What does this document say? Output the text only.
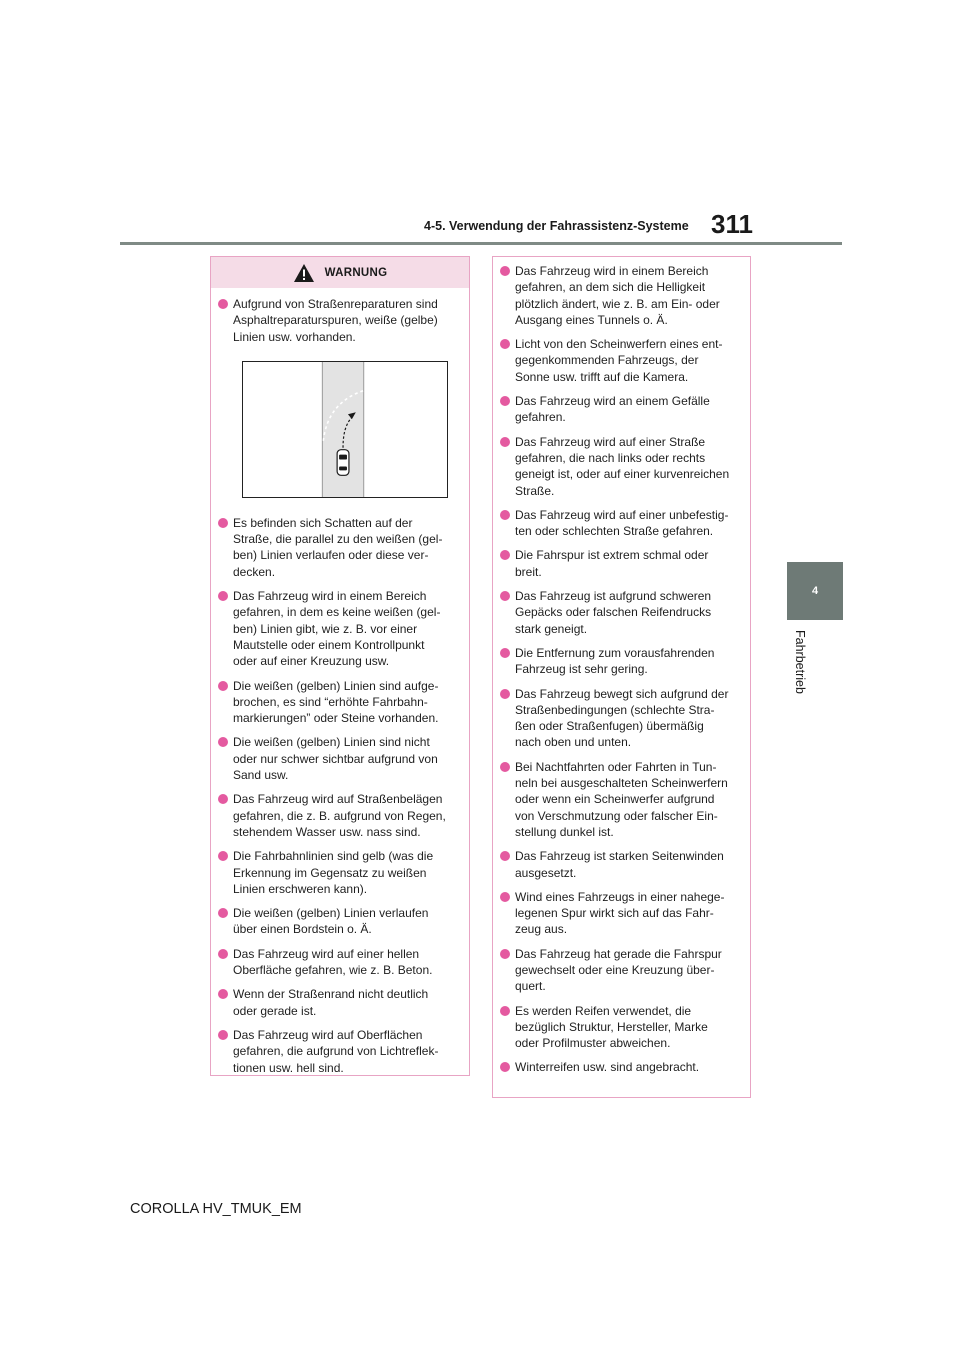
4-5. Verwendung der Fahrassistenz-Systeme 311
4
Fahrbetrieb
WARNUNG
Aufgrund von Straßenreparaturen sind
Asphaltreparaturspuren, weiße (gelbe)
Linien usw. vorhanden.
Es befinden sich Schatten auf der
Straße, die parallel zu den weißen (gel-
ben) Linien verlaufen oder diese ver-
decken.
Das Fahrzeug wird in einem Bereich
gefahren, in dem es keine weißen (gel-
ben) Linien gibt, wie z. B. vor einer
Mautstelle oder einem Kontrollpunkt
oder auf einer Kreuzung usw.
Die weißen (gelben) Linien sind aufge-
brochen, es sind “erhöhte Fahrbahn-
markierungen” oder Steine vorhanden.
Die weißen (gelben) Linien sind nicht
oder nur schwer sichtbar aufgrund von
Sand usw.
Das Fahrzeug wird auf Straßenbelägen
gefahren, die z. B. aufgrund von Regen,
stehendem Wasser usw. nass sind.
Die Fahrbahnlinien sind gelb (was die
Erkennung im Gegensatz zu weißen
Linien erschweren kann).
Die weißen (gelben) Linien verlaufen
über einen Bordstein o. Ä.
Das Fahrzeug wird auf einer hellen
Oberfläche gefahren, wie z. B. Beton.
Wenn der Straßenrand nicht deutlich
oder gerade ist.
Das Fahrzeug wird auf Oberflächen
gefahren, die aufgrund von Lichtreflek-
tionen usw. hell sind.
Das Fahrzeug wird in einem Bereich
gefahren, an dem sich die Helligkeit
plötzlich ändert, wie z. B. am Ein- oder
Ausgang eines Tunnels o. Ä.
Licht von den Scheinwerfern eines ent-
gegenkommenden Fahrzeugs, der
Sonne usw. trifft auf die Kamera.
Das Fahrzeug wird an einem Gefälle
gefahren.
Das Fahrzeug wird auf einer Straße
gefahren, die nach links oder rechts
geneigt ist, oder auf einer kurvenreichen
Straße.
Das Fahrzeug wird auf einer unbefestig-
ten oder schlechten Straße gefahren.
Die Fahrspur ist extrem schmal oder
breit.
Das Fahrzeug ist aufgrund schweren
Gepäcks oder falschen Reifendrucks
stark geneigt.
Die Entfernung zum vorausfahrenden
Fahrzeug ist sehr gering.
Das Fahrzeug bewegt sich aufgrund der
Straßenbedingungen (schlechte Stra-
ßen oder Straßenfugen) übermäßig
nach oben und unten.
Bei Nachtfahrten oder Fahrten in Tun-
neln bei ausgeschalteten Scheinwerfern
oder wenn ein Scheinwerfer aufgrund
von Verschmutzung oder falscher Ein-
stellung dunkel ist.
Das Fahrzeug ist starken Seitenwinden
ausgesetzt.
Wind eines Fahrzeugs in einer nahege-
legenen Spur wirkt sich auf das Fahr-
zeug aus.
Das Fahrzeug hat gerade die Fahrspur
gewechselt oder eine Kreuzung über-
quert.
Es werden Reifen verwendet, die
bezüglich Struktur, Hersteller, Marke
oder Profilmuster abweichen.
Winterreifen usw. sind angebracht.
COROLLA HV_TMUK_EM
